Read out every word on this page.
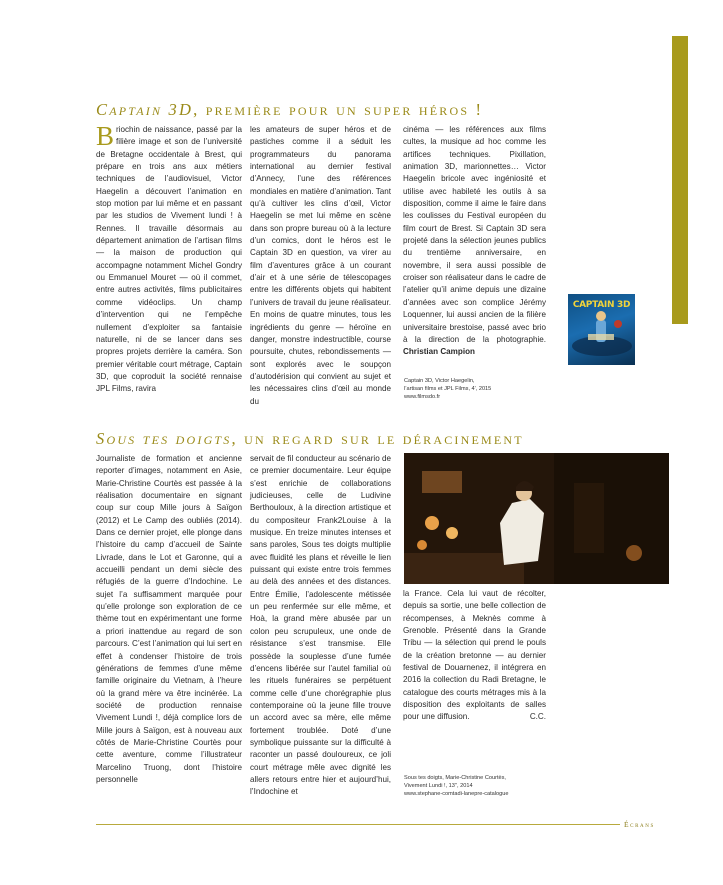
Captain 3D, première pour un super héros !
B riochin de naissance, passé par la filière image et son de l’université de Bretagne occidentale à Brest, qui prépare en trois ans aux métiers techniques de l’audiovisuel, Victor Haegelin a découvert l’animation en stop motion par lui même et en passant par les studios de Vivement lundi ! à Rennes. Il travaille désormais au département animation de l’artisan films — la maison de production qui accompagne notamment Michel Gondry ou Emmanuel Mouret — où il commet, entre autres activités, films publicitaires comme vidéoclips. Un champ d’intervention qui ne l’empêche nullement d’exploiter sa fantaisie naturelle, ni de se lancer dans ses propres projets derrière la caméra. Son premier véritable court métrage, Captain 3D, que coproduit la société rennaise JPL Films, ravira

les amateurs de super héros et de pastiches comme il a séduit les programmateurs du panorama international au dernier festival d’Annecy, l’une des références mondiales en matière d’animation. Tant qu’à cultiver les clins d’œil, Victor Haegelin se met lui même en scène dans son propre bureau où à la lecture d’un comics, dont le héros est le Captain 3D en question, va virer au film d’aventures grâce à un courant d’air et à une série de télescopages entre les différents objets qui habitent l’univers de travail du jeune réalisateur. En moins de quatre minutes, tous les ingrédients du genre — héroïne en danger, monstre indestructible, course poursuite, chutes, rebondissements — sont explorés avec le soupçon d’autodérision qui convient au sujet et les nécessaires clins d’œil au monde du

cinéma — les références aux films cultes, la musique ad hoc comme les artifices techniques. Pixillation, animation 3D, marionnettes… Victor Haegelin bricole avec ingéniosité et utilise avec habileté les outils à sa disposition, comme il aime le faire dans les coulisses du Festival européen du film court de Brest. Si Captain 3D sera projeté dans la sélection jeunes publics du trentième anniversaire, en novembre, il sera aussi possible de croiser son réalisateur dans le cadre de l’atelier qu’il anime depuis une dizaine d’années avec son complice Jérémy Loquenner, lui aussi ancien de la filière universitaire brestoise, passé avec brio à la direction de la photographie. Christian Campion

CAPTAIN 3D
Captain 3D, Victor Haegelin,
l’artisan films et JPL Films, 4', 2015
www.filmsdo.fr
Sous tes doigts, un regard sur le déracinement

Journaliste de formation et ancienne reporter d’images, notamment en Asie, Marie-Christine Courtès est passée à la réalisation documentaire en signant coup sur coup Mille jours à Saïgon (2012) et Le Camp des oubliés (2014). Dans ce dernier projet, elle plonge dans l’histoire du camp d’accueil de Sainte Livrade, dans le Lot et Garonne, qui a accueilli pendant un demi siècle des réfugiés de la guerre d’Indochine. Le sujet l’a suffisamment marquée pour qu’elle prolonge son exploration de ce thème tout en expérimentant une forme a priori inattendue au regard de son parcours. C’est l’animation qui lui sert en effet à condenser l’histoire de trois générations de femmes d’une même famille originaire du Vietnam, à l’heure où la grand mère va être incinérée. La société de production rennaise Vivement Lundi !, déjà complice lors de Mille jours à Saïgon, est à nouveau aux côtés de Marie-Christine Courtès pour cette aventure, comme l’illustrateur Marcelino Truong, dont l’histoire personnelle

servait de fil conducteur au scénario de ce premier documentaire. Leur équipe s’est enrichie de collaborations judicieuses, celle de Ludivine Berthouloux, à la direction artistique et du compositeur Frank2Louise à la musique. En treize minutes intenses et sans paroles, Sous tes doigts multiplie avec fluidité les plans et réveille le lien puissant qui existe entre trois femmes au delà des années et des distances. Entre Émilie, l’adolescente métissée un peu renfermée sur elle même, et Hoà, la grand mère abusée par un colon peu scrupuleux, une onde de résistance s’est transmise. Elle possède la souplesse d’une fumée d’encens libérée sur l’autel familial où les rituels funéraires se perpétuent comme celle d’une chorégraphie plus contemporaine où la jeune fille trouve un accord avec sa mère, elle même fortement troublée. Doté d’une symbolique puissante sur la difficulté à raconter un passé douloureux, ce joli court métrage mêle avec dignité les allers retours entre hier et aujourd’hui, l’Indochine et

la France. Cela lui vaut de récolter, depuis sa sortie, une belle collection de récompenses, à Meknès comme à Grenoble. Présenté dans la Grande Tribu — la sélection qui prend le pouls de la création bretonne — au dernier festival de Douarnenez, il intégrera en 2016 la collection du Radi Bretagne, le catalogue des courts métrages mis à la disposition des exploitants de salles pour une diffusion.	C.C.

Sous tes doigts, Marie-Christine Courtès,
Vivement Lundi !, 13'', 2014
www.stephane-comtadi-lanepre-catalogue
Écrans
